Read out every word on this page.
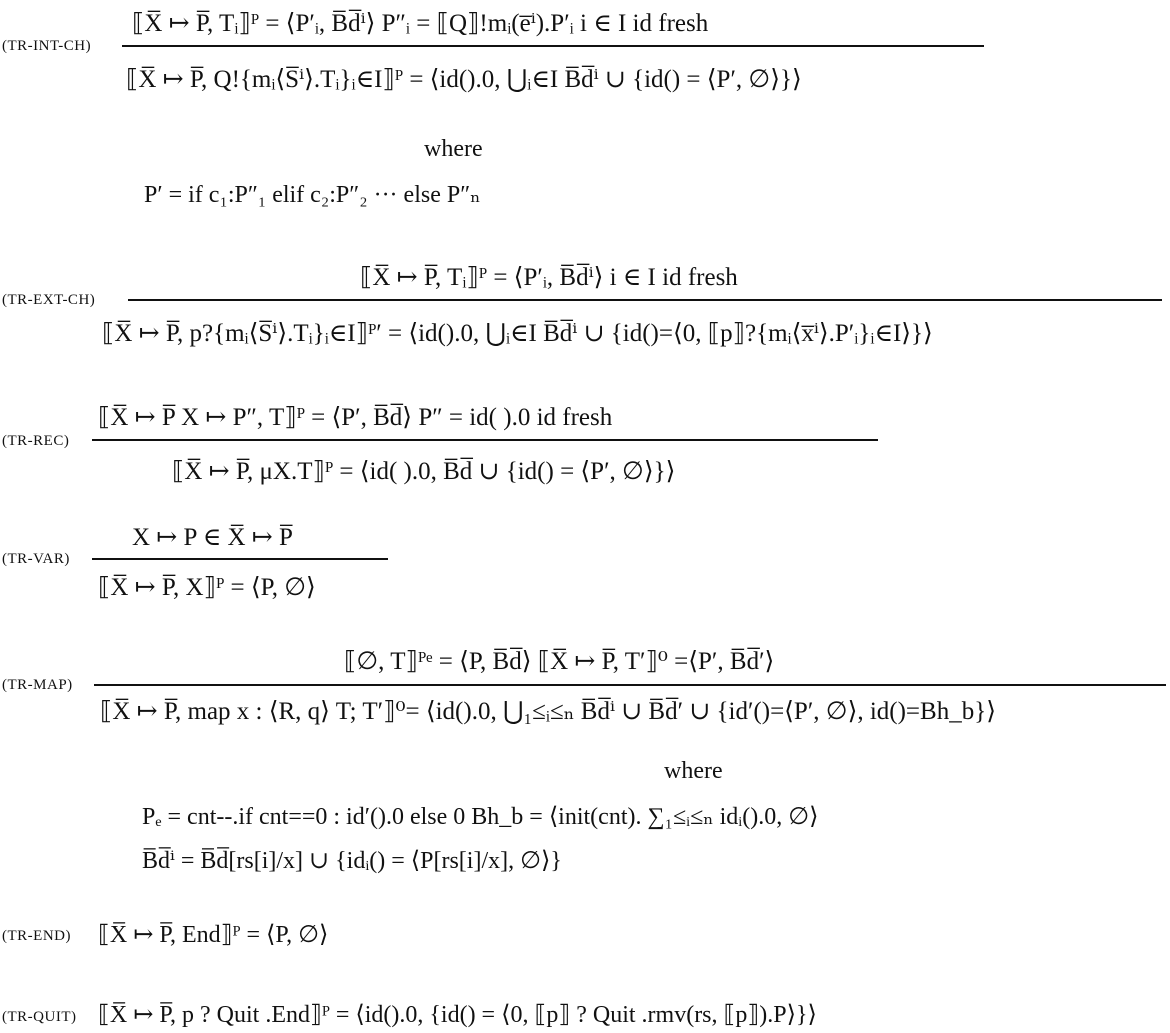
(TR-INT-CH)
⟦X̅ ↦ P̅, Tᵢ⟧ᴾ = ⟨P′ᵢ, B̅d̅ⁱ⟩ P″ᵢ = ⟦Q⟧!mᵢ(e̅ⁱ).P′ᵢ i ∈ I id fresh
⟦X̅ ↦ P̅, Q!{mᵢ⟨S̅ⁱ⟩.Tᵢ}ᵢ∈I⟧ᴾ = ⟨id().0, ⋃ᵢ∈I B̅d̅ⁱ ∪ {id() = ⟨P′, ∅⟩}⟩
where
P′ = if c₁:P″₁ elif c₂:P″₂ ··· else P″ₙ
(TR-EXT-CH)
⟦X̅ ↦ P̅, Tᵢ⟧ᴾ = ⟨P′ᵢ, B̅d̅ⁱ⟩ i ∈ I id fresh
⟦X̅ ↦ P̅, p?{mᵢ⟨S̅ⁱ⟩.Tᵢ}ᵢ∈I⟧ᴾ′ = ⟨id().0, ⋃ᵢ∈I B̅d̅ⁱ ∪ {id()=⟨0, ⟦p⟧?{mᵢ⟨x̅ⁱ⟩.P′ᵢ}ᵢ∈I⟩}⟩
(TR-REC)
⟦X̅ ↦ P̅ X ↦ P″, T⟧ᴾ = ⟨P′, B̅d̅⟩ P″ = id( ).0 id fresh
⟦X̅ ↦ P̅, μX.T⟧ᴾ = ⟨id( ).0, B̅d̅ ∪ {id() = ⟨P′, ∅⟩}⟩
(TR-VAR)
X ↦ P ∈ X̅ ↦ P̅
⟦X̅ ↦ P̅, X⟧ᴾ = ⟨P, ∅⟩
(TR-MAP)
⟦∅, T⟧ᴾᵉ = ⟨P, B̅d̅⟩ ⟦X̅ ↦ P̅, T′⟧⁰ =⟨P′, B̅d̅′⟩
⟦X̅ ↦ P̅, map x : ⟨R, q⟩ T; T′⟧⁰= ⟨id().0, ⋃₁≤ᵢ≤ₙ B̅d̅ⁱ ∪ B̅d̅′ ∪ {id′()=⟨P′, ∅⟩, id()=Bh_b}⟩
where
Pₑ = cnt--.if cnt==0 : id′().0 else 0 Bh_b = ⟨init(cnt). ∑₁≤ᵢ≤ₙ idᵢ().0, ∅⟩
B̅d̅ⁱ = B̅d̅[rs[i]/x] ∪ {idᵢ() = ⟨P[rs[i]/x], ∅⟩}
(TR-END) ⟦X̅ ↦ P̅, End⟧ᴾ = ⟨P, ∅⟩
(TR-QUIT) ⟦X̅ ↦ P̅, p ? Quit .End⟧ᴾ = ⟨id().0, {id() = ⟨0, ⟦p⟧ ? Quit .rmv(rs, ⟦p⟧).P⟩}⟩
